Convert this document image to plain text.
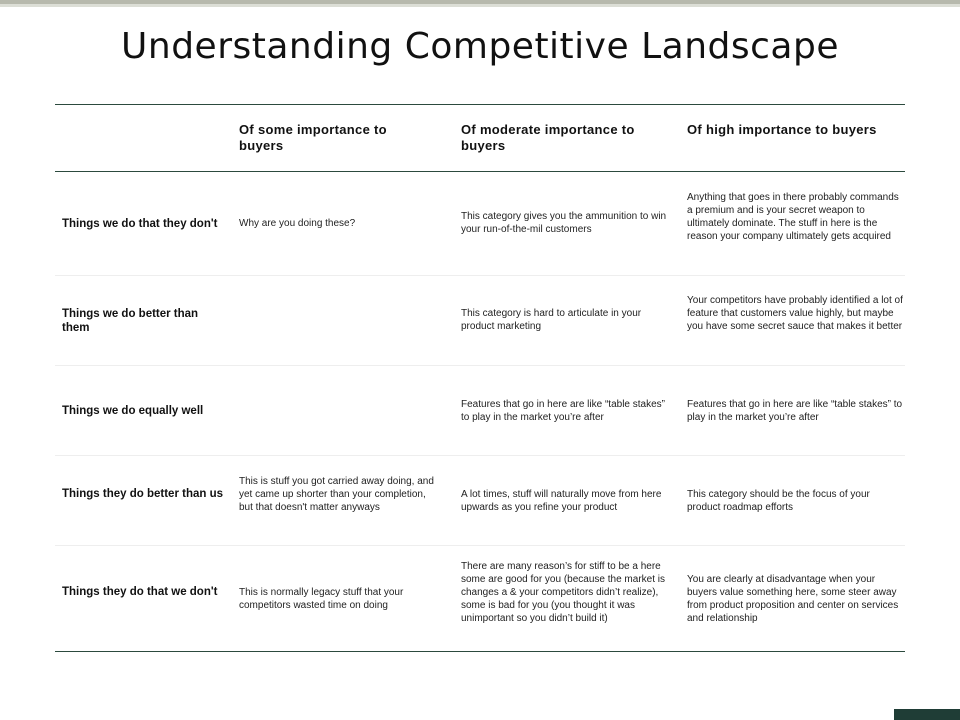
Understanding Competitive Landscape
Of some importance to buyers
Of moderate importance to buyers
Of high importance to buyers
Things we do that they don't	Why are you doing these?
This category gives you the ammunition to win your run-of-the-mil customers
Anything that goes in there probably commands a premium and is your secret weapon to ultimately dominate. The stuff in here is the reason your company ultimately gets acquired
Things we do better than them
This category is hard to articulate in your product marketing
Your competitors have probably identified a lot of feature that customers value highly, but maybe you have some secret sauce that makes it better
Things we do equally well
Features that go in here are like “table stakes” to play in the market you’re after
Features that go in here are like “table stakes” to play in the market you’re after
Things they do better than us
This is stuff you got carried away doing, and yet came up shorter than your completion, but that doesn't matter anyways
A lot times, stuff will naturally move from here upwards as you refine your product
This category should be the focus of your product roadmap efforts
Things they do that we don't	This is normally legacy stuff that your competitors wasted time on doing
There are many reason’s for stiff to be a here some are good for you (because the market is changes a & your competitors didn’t realize), some is bad for you (you thought it was unimportant so you didn’t build it)
You are clearly at disadvantage when your buyers value something here, some steer away from product proposition and center on services and relationship
